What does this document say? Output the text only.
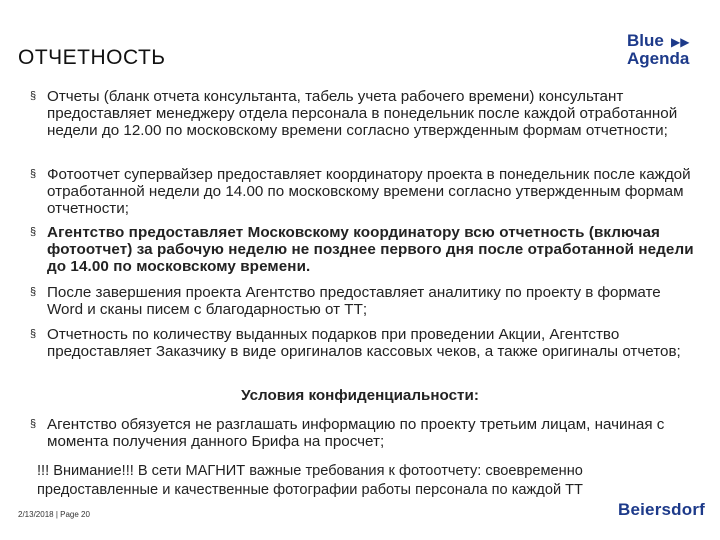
ОТЧЕТНОСТЬ
Blue ▶▶
Agenda
§ Отчеты (бланк отчета консультанта, табель учета рабочего времени) консультант предоставляет менеджеру отдела персонала в понедельник после каждой отработанной недели до 12.00 по московскому времени согласно утвержденным формам отчетности;
§ Фотоотчет супервайзер предоставляет координатору проекта в понедельник после каждой отработанной недели до 14.00 по московскому времени согласно утвержденным формам отчетности;
§ Агентство предоставляет Московскому координатору всю отчетность (включая фотоотчет) за рабочую неделю не позднее первого дня после отработанной недели до 14.00 по московскому времени.
§ После завершения проекта Агентство предоставляет аналитику по проекту в формате Word и сканы писем с благодарностью от ТТ;
§ Отчетность по количеству выданных подарков при проведении Акции, Агентство предоставляет Заказчику в виде оригиналов кассовых чеков, а также оригиналы отчетов;
§ Агентство обязуется не разглашать информацию по проекту третьим лицам, начиная с момента получения данного Брифа на просчет;
Условия конфиденциальности:
!!! Внимание!!! В сети МАГНИТ важные требования к фотоотчету: своевременно предоставленные и качественные фотографии работы персонала по каждой ТТ
2/13/2018 | Page 20	Beiersdorf
